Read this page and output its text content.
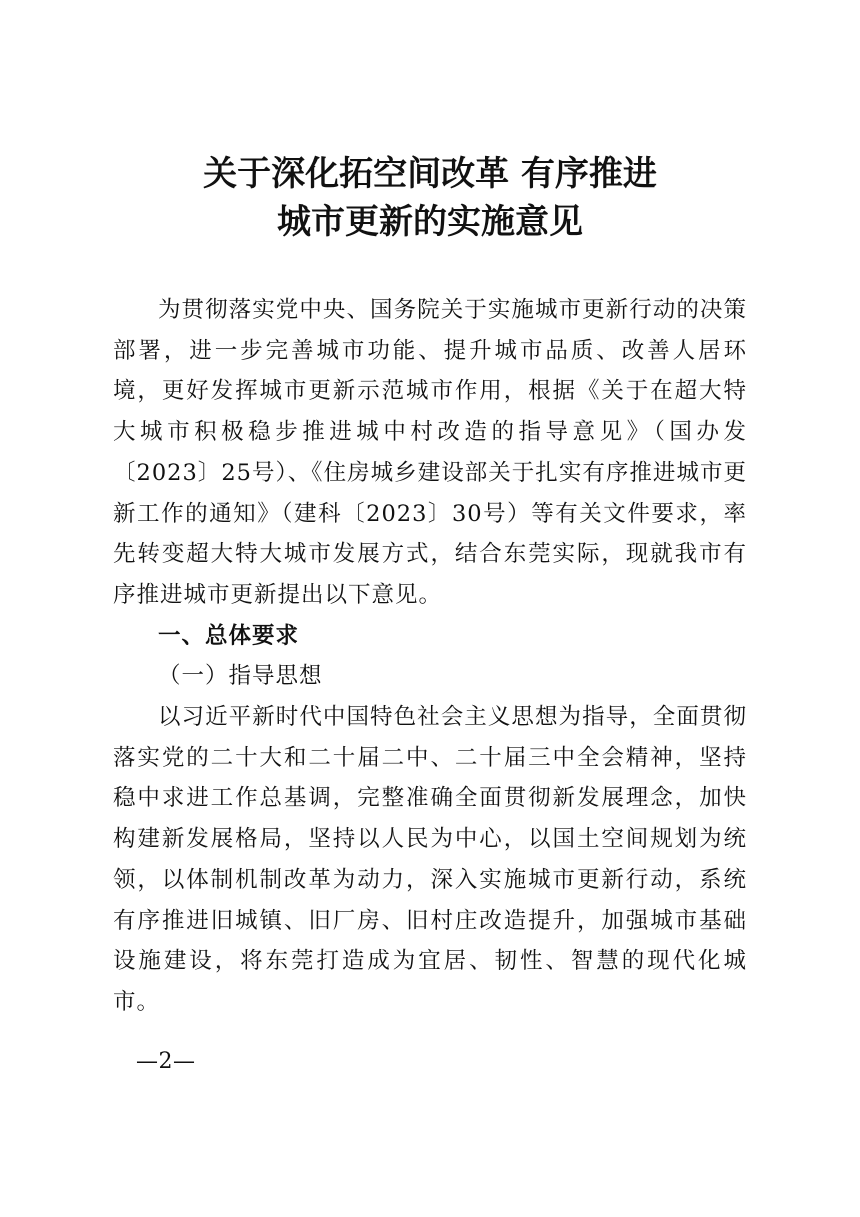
关于深化拓空间改革 有序推进
城市更新的实施意见

为贯彻落实党中央、国务院关于实施城市更新行动的决策部署，进一步完善城市功能、提升城市品质、改善人居环境，更好发挥城市更新示范城市作用，根据《关于在超大特大城市积极稳步推进城中村改造的指导意见》（国办发〔2023〕25号）、《住房城乡建设部关于扎实有序推进城市更新工作的通知》（建科〔2023〕30号）等有关文件要求，率先转变超大特大城市发展方式，结合东莞实际，现就我市有序推进城市更新提出以下意见。

一、总体要求

（一）指导思想

以习近平新时代中国特色社会主义思想为指导，全面贯彻落实党的二十大和二十届二中、二十届三中全会精神，坚持稳中求进工作总基调，完整准确全面贯彻新发展理念，加快构建新发展格局，坚持以人民为中心，以国土空间规划为统领，以体制机制改革为动力，深入实施城市更新行动，系统有序推进旧城镇、旧厂房、旧村庄改造提升，加强城市基础设施建设，将东莞打造成为宜居、韧性、智慧的现代化城市。

—2—
